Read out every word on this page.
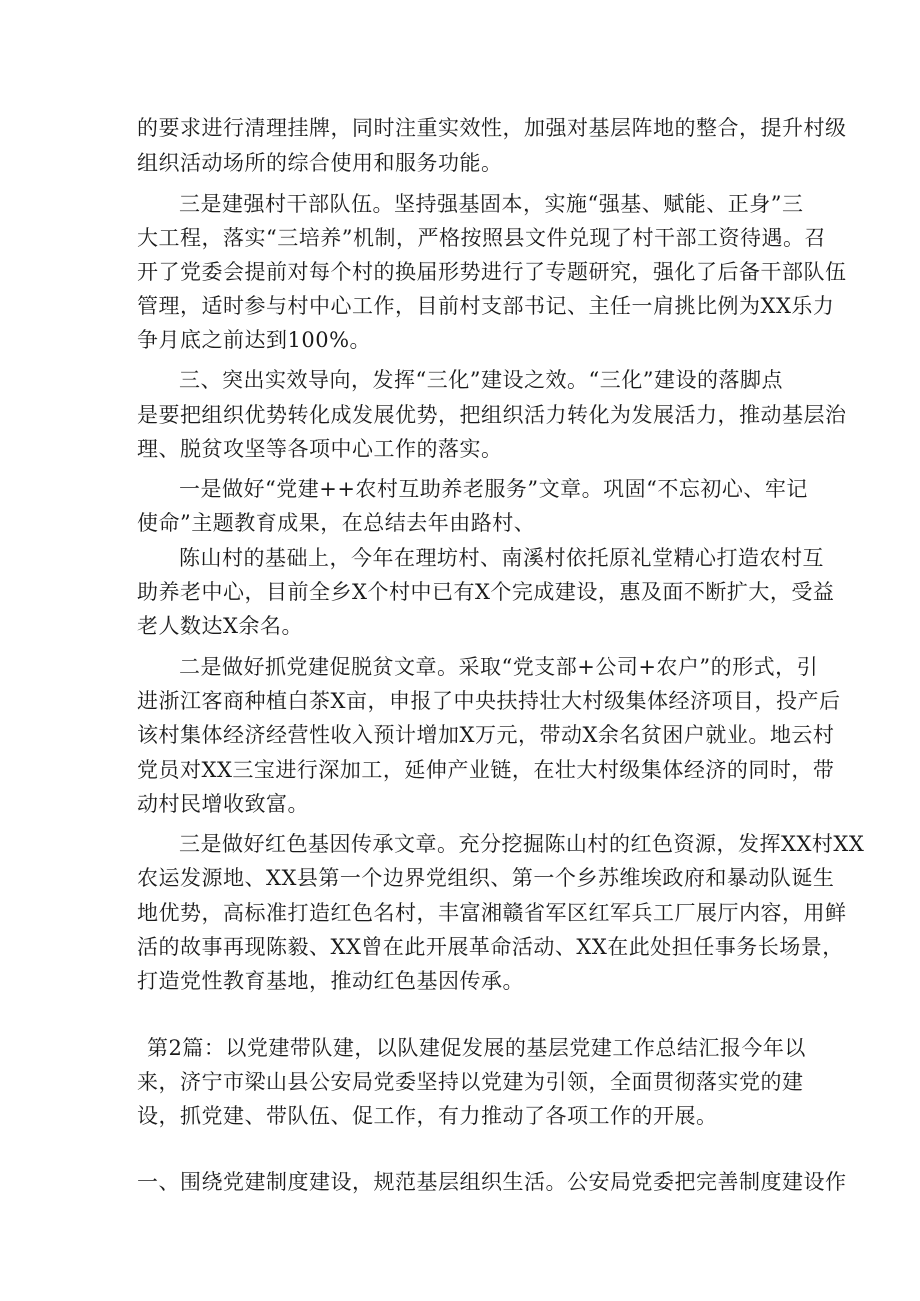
的要求进行清理挂牌，同时注重实效性，加强对基层阵地的整合，提升村级
组织活动场所的综合使用和服务功能。
三是建强村干部队伍。坚持强基固本，实施“强基、赋能、正身”三
大工程，落实“三培养”机制，严格按照县文件兑现了村干部工资待遇。召
开了党委会提前对每个村的换届形势进行了专题研究，强化了后备干部队伍
管理，适时参与村中心工作，目前村支部书记、主任一肩挑比例为XX乐力
争月底之前达到100%。
三、突出实效导向，发挥“三化”建设之效。“三化”建设的落脚点
是要把组织优势转化成发展优势，把组织活力转化为发展活力，推动基层治
理、脱贫攻坚等各项中心工作的落实。
一是做好“党建++农村互助养老服务”文章。巩固“不忘初心、牢记
使命”主题教育成果，在总结去年由路村、
陈山村的基础上，今年在理坊村、南溪村依托原礼堂精心打造农村互
助养老中心，目前全乡X个村中已有X个完成建设，惠及面不断扩大，受益
老人数达X余名。
二是做好抓党建促脱贫文章。采取“党支部+公司+农户”的形式，引
进浙江客商种植白茶X亩，申报了中央扶持壮大村级集体经济项目，投产后
该村集体经济经营性收入预计增加X万元，带动X余名贫困户就业。地云村
党员对XX三宝进行深加工，延伸产业链，在壮大村级集体经济的同时，带
动村民增收致富。
三是做好红色基因传承文章。充分挖掘陈山村的红色资源，发挥XX村XX
农运发源地、XX县第一个边界党组织、第一个乡苏维埃政府和暴动队诞生
地优势，高标准打造红色名村，丰富湘赣省军区红军兵工厂展厅内容，用鲜
活的故事再现陈毅、XX曾在此开展革命活动、XX在此处担任事务长场景，
打造党性教育基地，推动红色基因传承。
第2篇：以党建带队建，以队建促发展的基层党建工作总结汇报今年以
来，济宁市梁山县公安局党委坚持以党建为引领，全面贯彻落实党的建
设，抓党建、带队伍、促工作，有力推动了各项工作的开展。
一、围绕党建制度建设，规范基层组织生活。公安局党委把完善制度建设作
